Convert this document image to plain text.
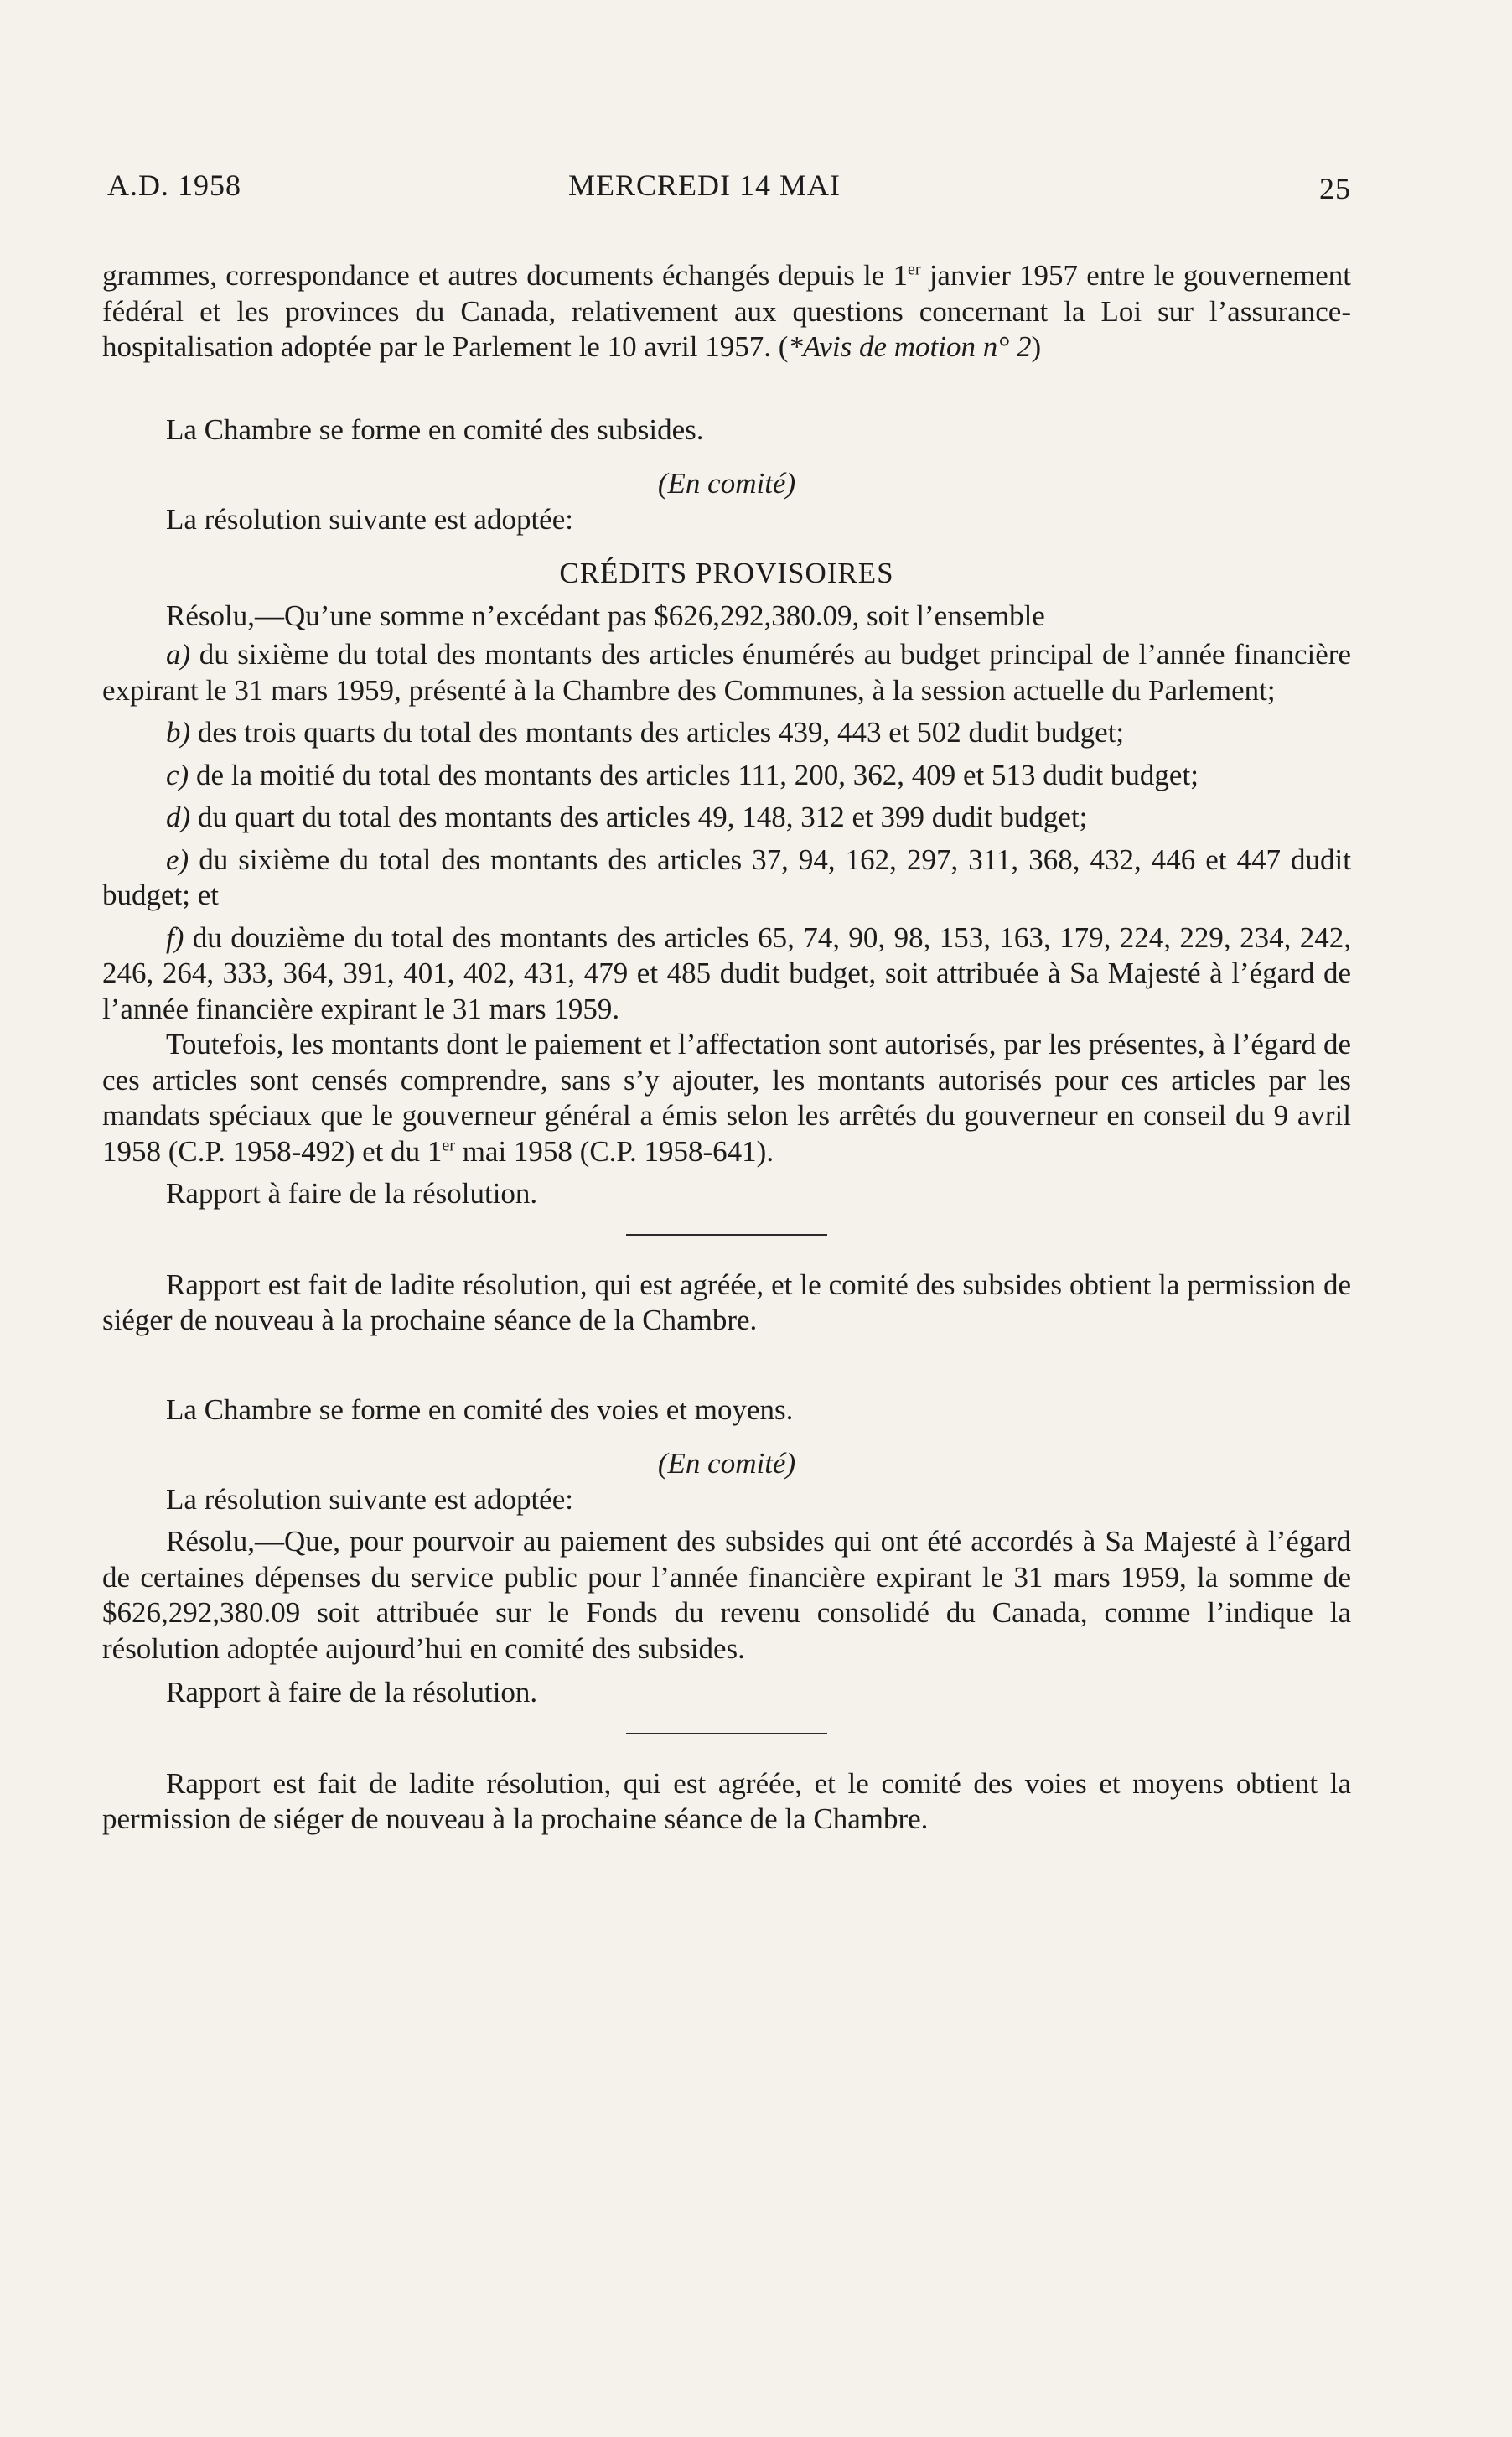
A.D. 1958	MERCREDI 14 MAI	25

grammes, correspondance et autres documents échangés depuis le 1er janvier 1957 entre le gouvernement fédéral et les provinces du Canada, relativement aux questions concernant la Loi sur l’assurance-hospitalisation adoptée par le Parlement le 10 avril 1957. (*Avis de motion n° 2)

La Chambre se forme en comité des subsides.

(En comité)

La résolution suivante est adoptée:

CRÉDITS PROVISOIRES

Résolu,—Qu’une somme n’excédant pas $626,292,380.09, soit l’ensemble

a) du sixième du total des montants des articles énumérés au budget principal de l’année financière expirant le 31 mars 1959, présenté à la Chambre des Communes, à la session actuelle du Parlement;

b) des trois quarts du total des montants des articles 439, 443 et 502 dudit budget;

c) de la moitié du total des montants des articles 111, 200, 362, 409 et 513 dudit budget;

d) du quart du total des montants des articles 49, 148, 312 et 399 dudit budget;

e) du sixième du total des montants des articles 37, 94, 162, 297, 311, 368, 432, 446 et 447 dudit budget; et

f) du douzième du total des montants des articles 65, 74, 90, 98, 153, 163, 179, 224, 229, 234, 242, 246, 264, 333, 364, 391, 401, 402, 431, 479 et 485 dudit budget, soit attribuée à Sa Majesté à l’égard de l’année financière expirant le 31 mars 1959.

Toutefois, les montants dont le paiement et l’affectation sont autorisés, par les présentes, à l’égard de ces articles sont censés comprendre, sans s’y ajouter, les montants autorisés pour ces articles par les mandats spéciaux que le gouverneur général a émis selon les arrêtés du gouverneur en conseil du 9 avril 1958 (C.P. 1958-492) et du 1er mai 1958 (C.P. 1958-641).

Rapport à faire de la résolution.

Rapport est fait de ladite résolution, qui est agréée, et le comité des subsides obtient la permission de siéger de nouveau à la prochaine séance de la Chambre.

La Chambre se forme en comité des voies et moyens.

(En comité)

La résolution suivante est adoptée:

Résolu,—Que, pour pourvoir au paiement des subsides qui ont été accordés à Sa Majesté à l’égard de certaines dépenses du service public pour l’année financière expirant le 31 mars 1959, la somme de $626,292,380.09 soit attribuée sur le Fonds du revenu consolidé du Canada, comme l’indique la résolution adoptée aujourd’hui en comité des subsides.

Rapport à faire de la résolution.

Rapport est fait de ladite résolution, qui est agréée, et le comité des voies et moyens obtient la permission de siéger de nouveau à la prochaine séance de la Chambre.
